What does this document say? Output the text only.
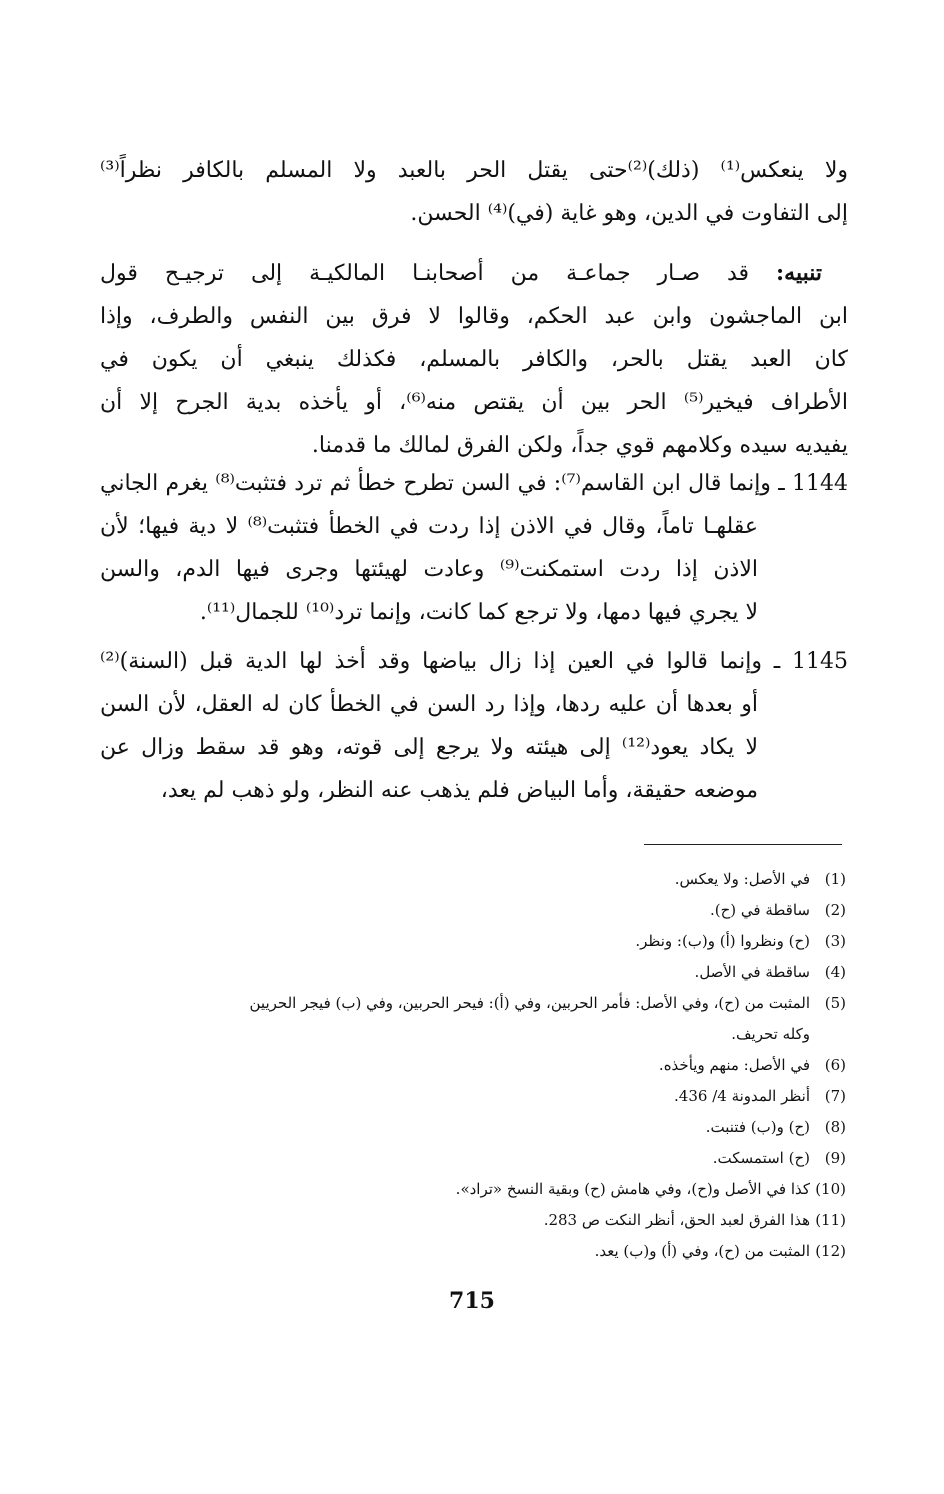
ولا ينعكس⁽¹⁾ (ذلك)⁽²⁾حتى يقتل الحر بالعبد ولا المسلم بالكافر نظراً⁽³⁾
إلى التفاوت في الدين، وهو غاية (في)⁽⁴⁾ الحسن.
تنبيه: قد صـار جماعـة من أصحابنـا المالكيـة إلى ترجيـح قول
ابن الماجشون وابن عبد الحكم، وقالوا لا فرق بين النفس والطرف، وإذا
كان العبد يقتل بالحر، والكافر بالمسلم، فكذلك ينبغي أن يكون في
الأطراف فيخير⁽⁵⁾ الحر بين أن يقتص منه⁽⁶⁾، أو يأخذه بدية الجرح إلا أن
يفيديه سيده وكلامهم قوي جداً، ولكن الفرق لمالك ما قدمنا.
1144 ـ وإنما قال ابن القاسم⁽⁷⁾: في السن تطرح خطأ ثم ترد فتثبت⁽⁸⁾ يغرم الجاني
عقلهـا تاماً، وقال في الاذن إذا ردت في الخطأ فتثبت⁽⁸⁾ لا دية فيها؛ لأن
الاذن إذا ردت استمكنت⁽⁹⁾ وعادت لهيئتها وجرى فيها الدم، والسن
لا يجري فيها دمها، ولا ترجع كما كانت، وإنما ترد⁽¹⁰⁾ للجمال⁽¹¹⁾.
1145 ـ وإنما قالوا في العين إذا زال بياضها وقد أخذ لها الدية قبل (السنة)⁽²⁾
أو بعدها أن عليه ردها، وإذا رد السن في الخطأ كان له العقل، لأن السن
لا يكاد يعود⁽¹²⁾ إلى هيئته ولا يرجع إلى قوته، وهو قد سقط وزال عن
موضعه حقيقة، وأما البياض فلم يذهب عنه النظر، ولو ذهب لم يعد،
(1)في الأصل: ولا يعكس.
(2)ساقطة في (ح).
(3)(ح) ونظروا (أ) و(ب): ونظر.
(4)ساقطة في الأصل.
(5)المثبت من (ح)، وفي الأصل: فأمر الحربين، وفي (أ): فيحر الحربين، وفي (ب) فيجر الحريين
وكله تحريف.
(6)في الأصل: منهم ويأخذه.
(7)أنظر المدونة 4/ 436.
(8)(ح) و(ب) فتنبت.
(9)(ح) استمسكت.
(10)كذا في الأصل و(ح)، وفي هامش (ح) وبقية النسخ «تراد».
(11)هذا الفرق لعبد الحق، أنظر النكت ص 283.
(12)المثبت من (ح)، وفي (أ) و(ب) يعد.
715
